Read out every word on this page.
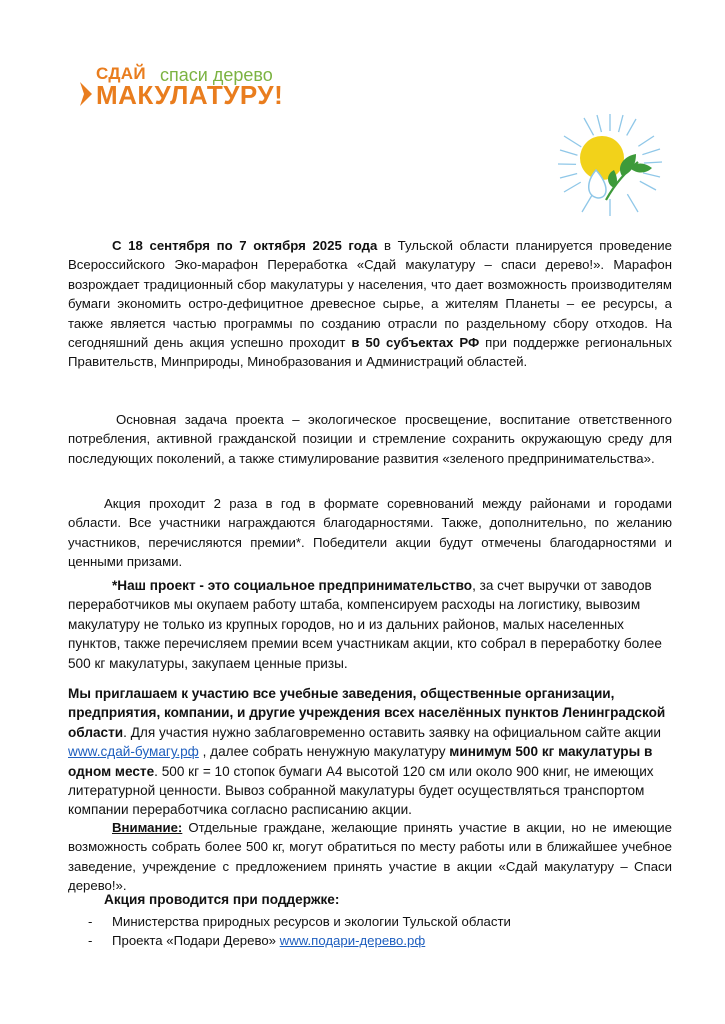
СДАЙ спаси дерево
МАКУЛАТУРУ!
С 18 сентября по 7 октября 2025 года в Тульской области планируется проведение Всероссийского Эко-марафон Переработка «Сдай макулатуру – спаси дерево!». Марафон возрождает традиционный сбор макулатуры у населения, что дает возможность производителям бумаги экономить остро-дефицитное древесное сырье, а жителям Планеты – ее ресурсы, а также является частью программы по созданию отрасли по раздельному сбору отходов. На сегодняшний день акция успешно проходит в 50 субъектах РФ при поддержке региональных Правительств, Минприроды, Минобразования и Администраций областей.
Основная задача проекта – экологическое просвещение, воспитание ответственного потребления, активной гражданской позиции и стремление сохранить окружающую среду для последующих поколений, а также стимулирование развития «зеленого предпринимательства».
Акция проходит 2 раза в год в формате соревнований между районами и городами области. Все участники награждаются благодарностями. Также, дополнительно, по желанию участников, перечисляются премии*. Победители акции будут отмечены благодарностями и ценными призами.
*Наш проект - это социальное предпринимательство, за счет выручки от заводов переработчиков мы окупаем работу штаба, компенсируем расходы на логистику, вывозим макулатуру не только из крупных городов, но и из дальних районов, малых населенных пунктов, также перечисляем премии всем участникам акции, кто собрал в переработку более 500 кг макулатуры, закупаем ценные призы.
Мы приглашаем к участию все учебные заведения, общественные организации, предприятия, компании, и другие учреждения всех населённых пунктов Ленинградской области. Для участия нужно заблаговременно оставить заявку на официальном сайте акции www.сдай-бумагу.рф , далее собрать ненужную макулатуру минимум 500 кг макулатуры в одном месте. 500 кг = 10 стопок бумаги А4 высотой 120 см или около 900 книг, не имеющих литературной ценности. Вывоз собранной макулатуры будет осуществляться транспортом компании переработчика согласно расписанию акции.
Внимание: Отдельные граждане, желающие принять участие в акции, но не имеющие возможность собрать более 500 кг, могут обратиться по месту работы или в ближайшее учебное заведение, учреждение с предложением принять участие в акции «Сдай макулатуру – Спаси дерево!».
Акция проводится при поддержке:
-	Министерства природных ресурсов и экологии Тульской области
-	Проекта «Подари Дерево» www.подари-дерево.рф
